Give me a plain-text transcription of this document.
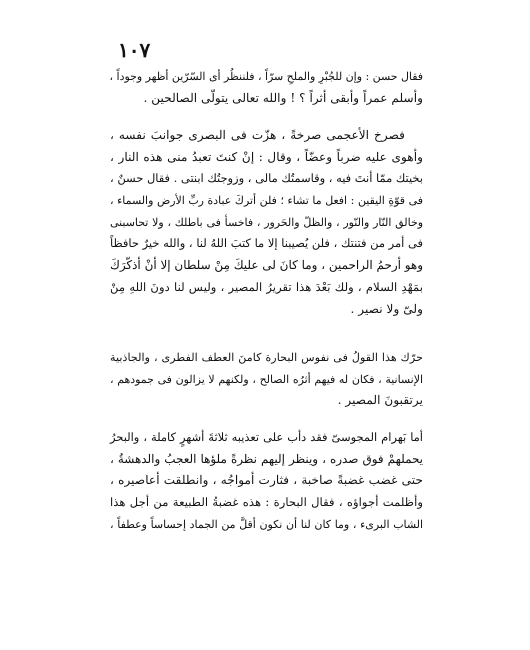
١٠٧
فقال حسن : وإن للجُبْرِ والملحِ سرّاً ، فلننظُر أى السّرّين أظهر وجوداً ،
وأسلم عمراً وأبقى أثراً ؟ ! والله تعالى يتولّى الصالحين .
فصرخ الأعجمى صرخةً ، هزّت فى البصرى جوانبَ نفسه ،
وأهوى عليه ضرباً وعضّاً ، وقال : إنْ كنتَ تعبدُ منى هذه النار ،
بخيتك ممّا أنتَ فيه ، وقاسمتُك مالى ، وزوجتُك ابنتى . فقال حسنٌ ،
فى قوّةِ اليقين : افعل ما تشاء ؛ فلن أتركَ عبادة ربِّ الأرض والسماء ،
وخالق النّار والنّور ، والظلّ والحَرور ، فاخسأ فى باطلك ، ولا تحاسبنى
فى أمر من فتنتك ، فلن يُصيبنا إلا ما كتبَ اللهُ لنا ، والله خيرٌ حافظاً
وهو أرحمُ الراحمين ، وما كانَ لى عليكَ مِنْ سلطان إلا أنْ أذكّرَكَ
بمَهْدِ السلام ، ولك بَعْدَ هذا تقريرُ المصير ، وليس لنا دونَ اللهِ مِنْ
ولىّ ولا نصير .
حرّك هذا القولُ فى نفوس البحارة كامنَ العطف الفطرى ، والجاذبية
الإنسانية ، فكان له فيهم أثرُه الصالح ، ولكنهم لا يزالون فى جمودهم ،
يرتقبونَ المصير .
أما بَهرام المجوسىّ فقد دأب على تعذيبه ثلاثةَ أشهرٍ كاملة ، والبحرُ
يحملهمْ فوق صدره ، وينظر إليهم نظرةً ملؤها العجبُ والدهشةُ ،
حتى غضب غضبةً صاخبة ، فثارت أمواجُه ، وانطلقت أعاصيره ،
وأظلمت أجواؤه ، فقال البحارة : هذه غضبةُ الطبيعة من أجل هذا
الشاب البرىء ، وما كان لنا أن نكون أقلَّ من الجماد إحساساً وعطفاً ،
